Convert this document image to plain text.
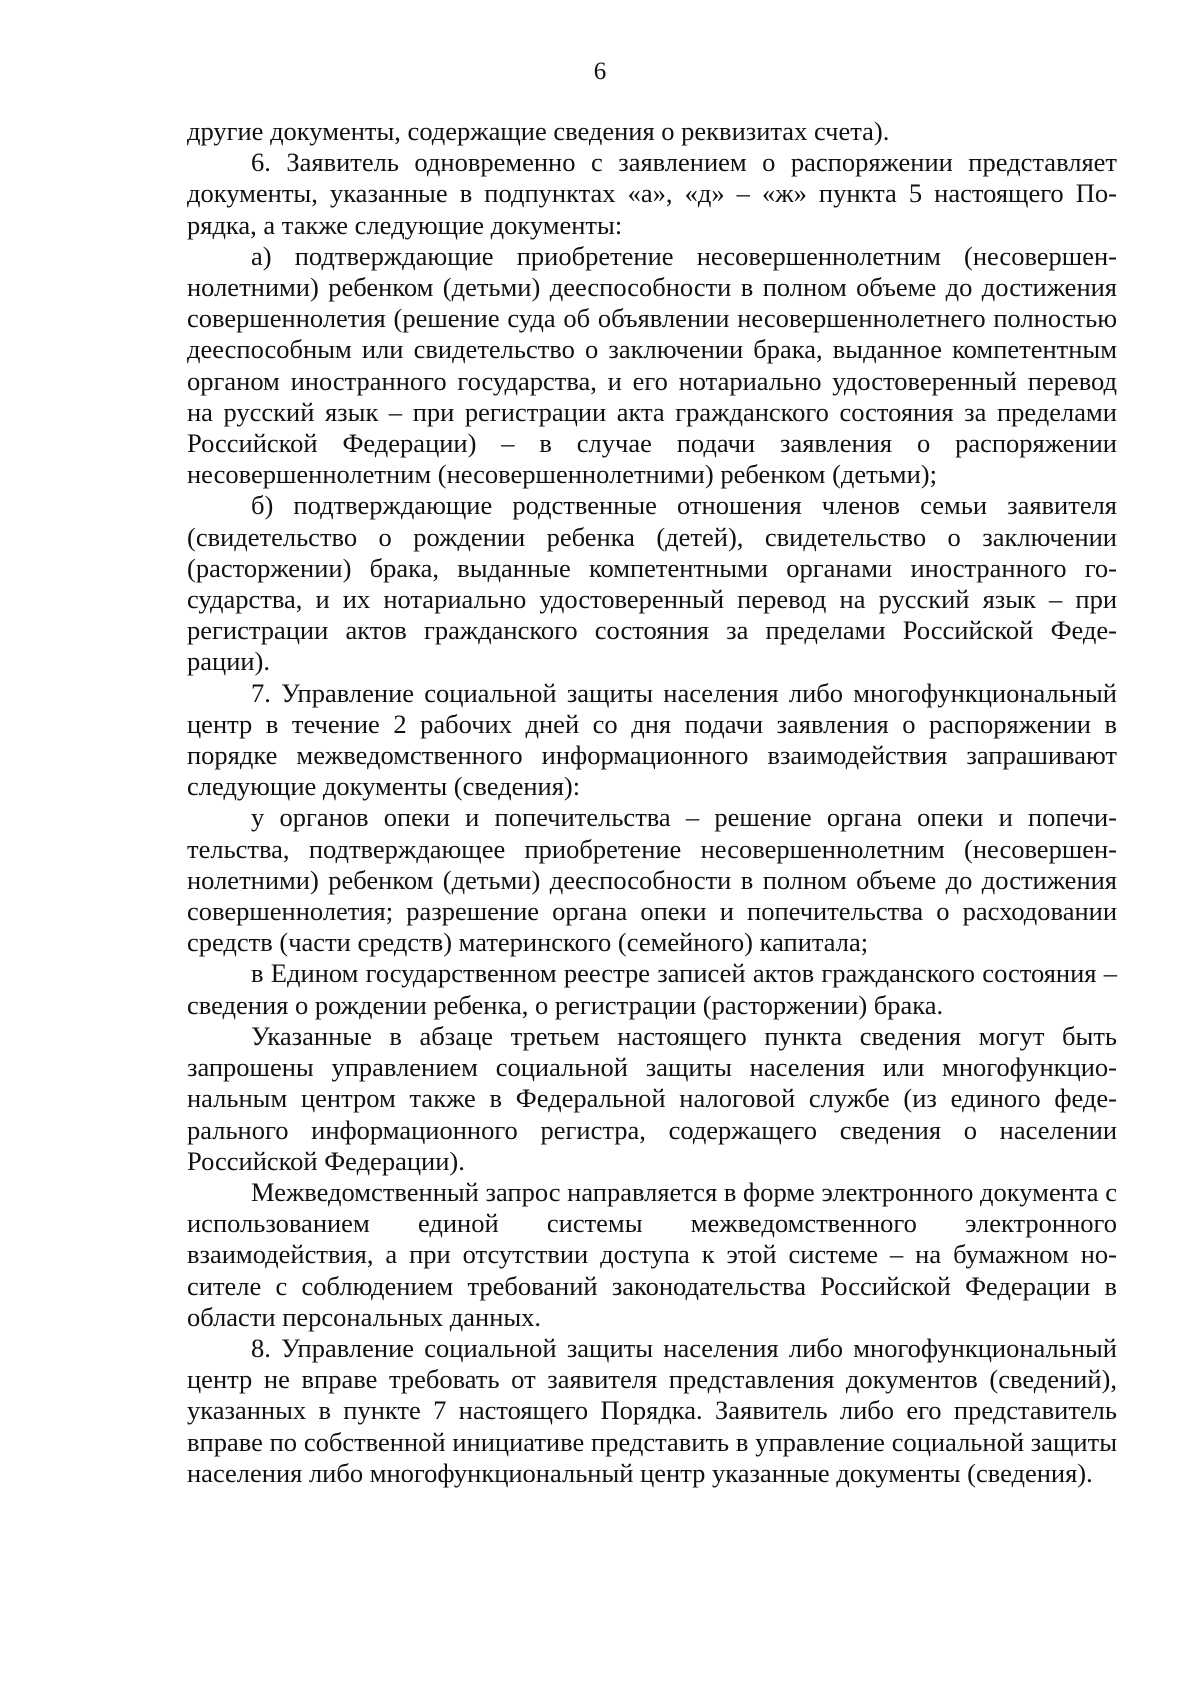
6

другие документы, содержащие сведения о реквизитах счета).

6. Заявитель одновременно с заявлением о распоряжении представляет документы, указанные в подпунктах «а», «д» – «ж» пункта 5 настоящего Порядка, а также следующие документы:

а) подтверждающие приобретение несовершеннолетним (несовершеннолетними) ребенком (детьми) дееспособности в полном объеме до достижения совершеннолетия (решение суда об объявлении несовершеннолетнего полностью дееспособным или свидетельство о заключении брака, выданное компетентным органом иностранного государства, и его нотариально удостоверенный перевод на русский язык – при регистрации акта гражданского состояния за пределами Российской Федерации) – в случае подачи заявления о распоряжении несовершеннолетним (несовершеннолетними) ребенком (детьми);

б) подтверждающие родственные отношения членов семьи заявителя (свидетельство о рождении ребенка (детей), свидетельство о заключении (расторжении) брака, выданные компетентными органами иностранного государства, и их нотариально удостоверенный перевод на русский язык – при регистрации актов гражданского состояния за пределами Российской Федерации).

7. Управление социальной защиты населения либо многофункциональный центр в течение 2 рабочих дней со дня подачи заявления о распоряжении в порядке межведомственного информационного взаимодействия запрашивают следующие документы (сведения):

у органов опеки и попечительства – решение органа опеки и попечительства, подтверждающее приобретение несовершеннолетним (несовершеннолетними) ребенком (детьми) дееспособности в полном объеме до достижения совершеннолетия; разрешение органа опеки и попечительства о расходовании средств (части средств) материнского (семейного) капитала;

в Едином государственном реестре записей актов гражданского состояния – сведения о рождении ребенка, о регистрации (расторжении) брака.

Указанные в абзаце третьем настоящего пункта сведения могут быть запрошены управлением социальной защиты населения или многофункциональным центром также в Федеральной налоговой службе (из единого федерального информационного регистра, содержащего сведения о населении Российской Федерации).

Межведомственный запрос направляется в форме электронного документа с использованием единой системы межведомственного электронного взаимодействия, а при отсутствии доступа к этой системе – на бумажном носителе с соблюдением требований законодательства Российской Федерации в области персональных данных.

8. Управление социальной защиты населения либо многофункциональный центр не вправе требовать от заявителя представления документов (сведений), указанных в пункте 7 настоящего Порядка. Заявитель либо его представитель вправе по собственной инициативе представить в управление социальной защиты населения либо многофункциональный центр указанные документы (сведения).
